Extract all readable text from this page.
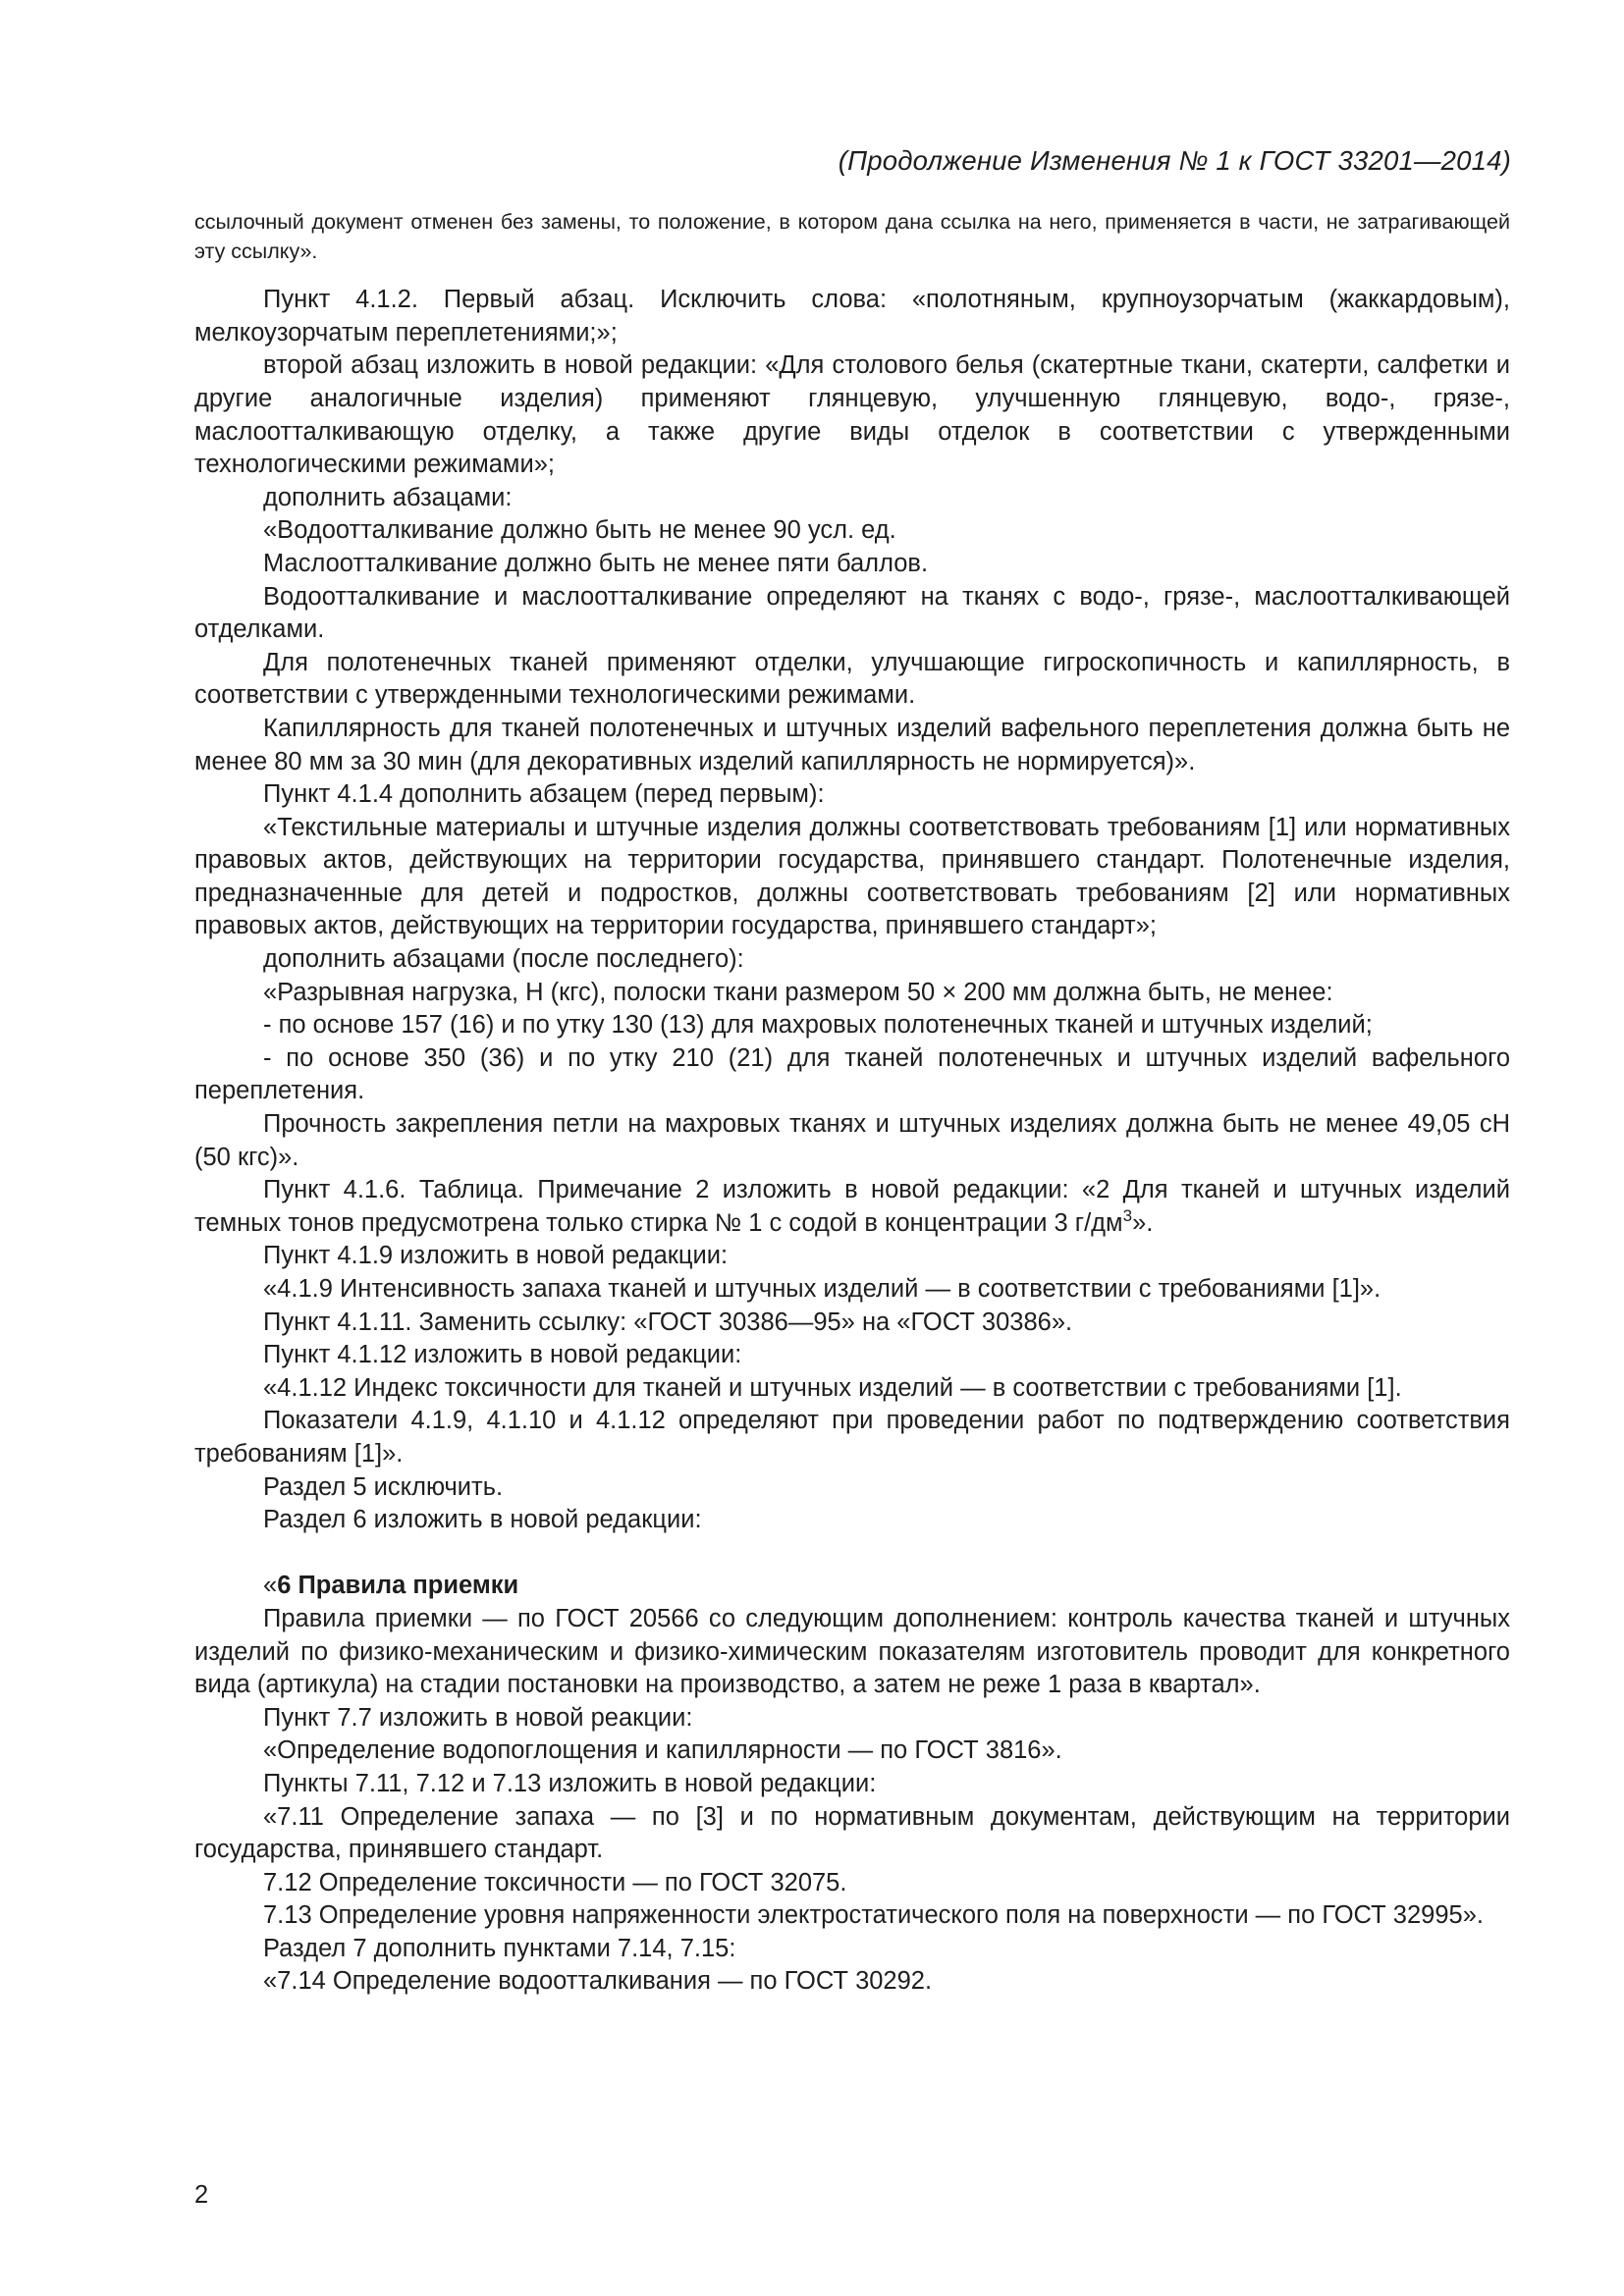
(Продолжение Изменения № 1 к ГОСТ 33201—2014)

ссылочный документ отменен без замены, то положение, в котором дана ссылка на него, применяется в части, не затрагивающей эту ссылку».

Пункт 4.1.2. Первый абзац. Исключить слова: «полотняным, крупноузорчатым (жаккардовым), мелкоузорчатым переплетениями;»;

второй абзац изложить в новой редакции: «Для столового белья (скатертные ткани, скатерти, салфетки и другие аналогичные изделия) применяют глянцевую, улучшенную глянцевую, водо-, грязе-, маслоотталкивающую отделку, а также другие виды отделок в соответствии с утвержденными технологическими режимами»;

дополнить абзацами:

«Водоотталкивание должно быть не менее 90 усл. ед.

Маслоотталкивание должно быть не менее пяти баллов.

Водоотталкивание и маслоотталкивание определяют на тканях с водо-, грязе-, маслоотталкивающей отделками.

Для полотенечных тканей применяют отделки, улучшающие гигроскопичность и капиллярность, в соответствии с утвержденными технологическими режимами.

Капиллярность для тканей полотенечных и штучных изделий вафельного переплетения должна быть не менее 80 мм за 30 мин (для декоративных изделий капиллярность не нормируется)».

Пункт 4.1.4 дополнить абзацем (перед первым):

«Текстильные материалы и штучные изделия должны соответствовать требованиям [1] или нормативных правовых актов, действующих на территории государства, принявшего стандарт. Полотенечные изделия, предназначенные для детей и подростков, должны соответствовать требованиям [2] или нормативных правовых актов, действующих на территории государства, принявшего стандарт»;

дополнить абзацами (после последнего):

«Разрывная нагрузка, Н (кгс), полоски ткани размером 50 × 200 мм должна быть, не менее:

- по основе 157 (16) и по утку 130 (13) для махровых полотенечных тканей и штучных изделий;

- по основе 350 (36) и по утку 210 (21) для тканей полотенечных и штучных изделий вафельного переплетения.

Прочность закрепления петли на махровых тканях и штучных изделиях должна быть не менее 49,05 сН (50 кгс)».

Пункт 4.1.6. Таблица. Примечание 2 изложить в новой редакции: «2 Для тканей и штучных изделий темных тонов предусмотрена только стирка № 1 с содой в концентрации 3 $г/дм^3$».

Пункт 4.1.9 изложить в новой редакции:

«4.1.9 Интенсивность запаха тканей и штучных изделий — в соответствии с требованиями [1]».

Пункт 4.1.11. Заменить ссылку: «ГОСТ 30386—95» на «ГОСТ 30386».

Пункт 4.1.12 изложить в новой редакции:

«4.1.12 Индекс токсичности для тканей и штучных изделий — в соответствии с требованиями [1].

Показатели 4.1.9, 4.1.10 и 4.1.12 определяют при проведении работ по подтверждению соответствия требованиям [1]».

Раздел 5 исключить.

Раздел 6 изложить в новой редакции:

«6 Правила приемки

Правила приемки — по ГОСТ 20566 со следующим дополнением: контроль качества тканей и штучных изделий по физико-механическим и физико-химическим показателям изготовитель проводит для конкретного вида (артикула) на стадии постановки на производство, а затем не реже 1 раза в квартал».

Пункт 7.7 изложить в новой реакции:

«Определение водопоглощения и капиллярности — по ГОСТ 3816».

Пункты 7.11, 7.12 и 7.13 изложить в новой редакции:

«7.11 Определение запаха — по [3] и по нормативным документам, действующим на территории государства, принявшего стандарт.

7.12 Определение токсичности — по ГОСТ 32075.

7.13 Определение уровня напряженности электростатического поля на поверхности — по ГОСТ 32995».

Раздел 7 дополнить пунктами 7.14, 7.15:

«7.14 Определение водоотталкивания — по ГОСТ 30292.

2
